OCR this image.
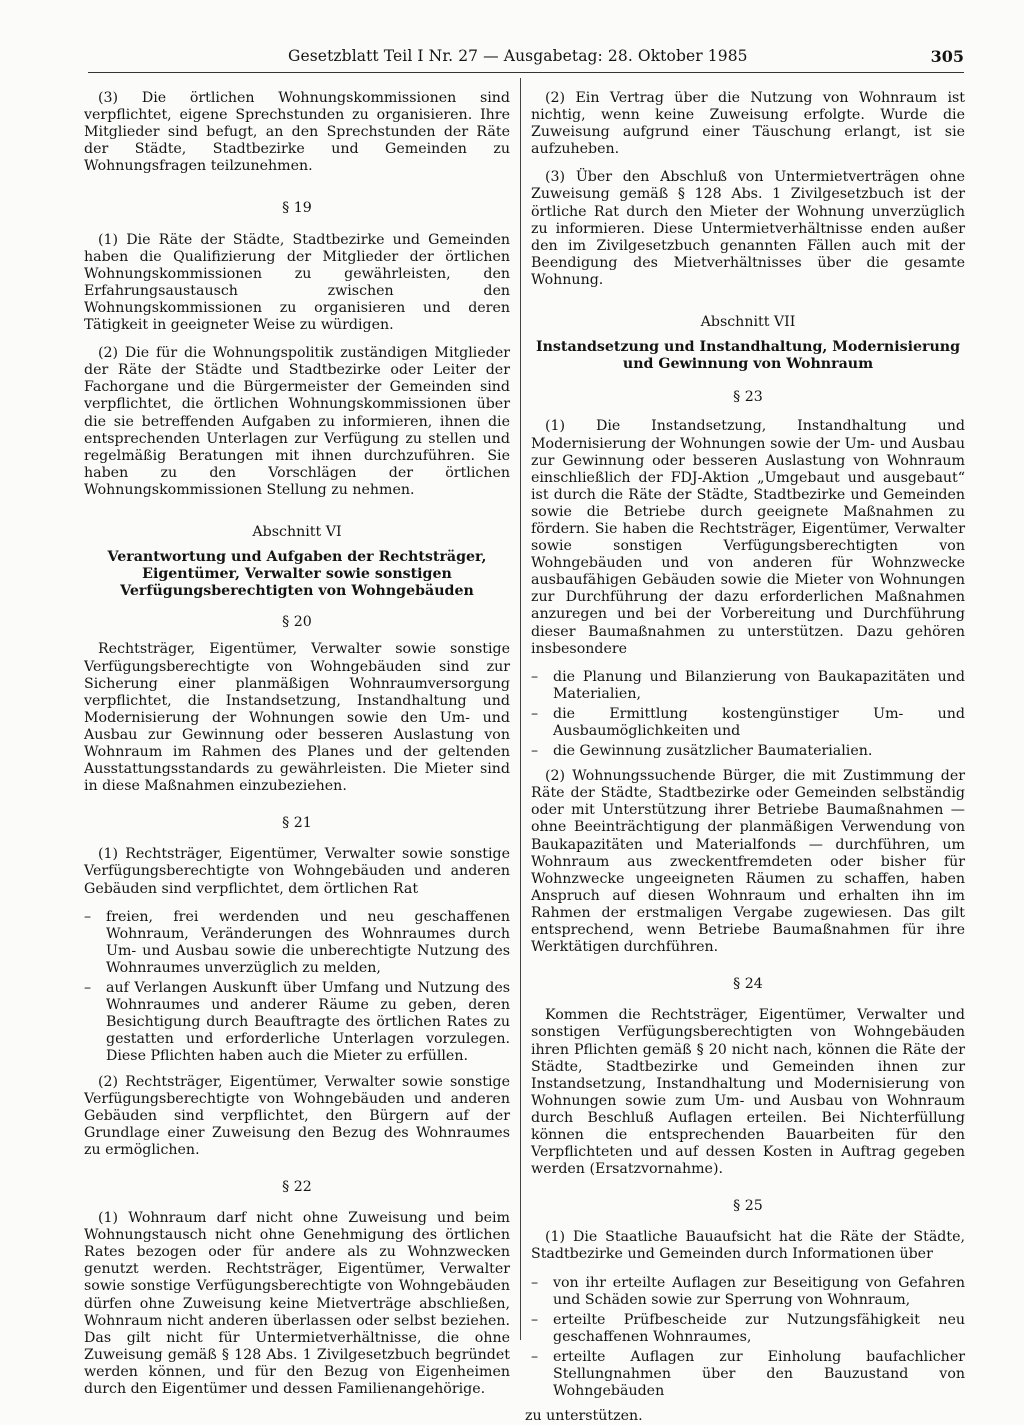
Gesetzblatt Teil I Nr. 27 — Ausgabetag: 28. Oktober 1985	305

(3) Die örtlichen Wohnungskommissionen sind verpflichtet, eigene Sprechstunden zu organisieren. Ihre Mitglieder sind befugt, an den Sprechstunden der Räte der Städte, Stadtbezirke und Gemeinden zu Wohnungsfragen teilzunehmen.

§ 19

(1) Die Räte der Städte, Stadtbezirke und Gemeinden haben die Qualifizierung der Mitglieder der örtlichen Wohnungskommissionen zu gewährleisten, den Erfahrungsaustausch zwischen den Wohnungskommissionen zu organisieren und deren Tätigkeit in geeigneter Weise zu würdigen.

(2) Die für die Wohnungspolitik zuständigen Mitglieder der Räte der Städte und Stadtbezirke oder Leiter der Fachorgane und die Bürgermeister der Gemeinden sind verpflichtet, die örtlichen Wohnungskommissionen über die sie betreffenden Aufgaben zu informieren, ihnen die entsprechenden Unterlagen zur Verfügung zu stellen und regelmäßig Beratungen mit ihnen durchzuführen. Sie haben zu den Vorschlägen der örtlichen Wohnungskommissionen Stellung zu nehmen.

Abschnitt VI

Verantwortung und Aufgaben der Rechtsträger, Eigentümer, Verwalter sowie sonstigen Verfügungsberechtigten von Wohngebäuden

§ 20

Rechtsträger, Eigentümer, Verwalter sowie sonstige Verfügungsberechtigte von Wohngebäuden sind zur Sicherung einer planmäßigen Wohnraumversorgung verpflichtet, die Instandsetzung, Instandhaltung und Modernisierung der Wohnungen sowie den Um- und Ausbau zur Gewinnung oder besseren Auslastung von Wohnraum im Rahmen des Planes und der geltenden Ausstattungsstandards zu gewährleisten. Die Mieter sind in diese Maßnahmen einzubeziehen.

§ 21

(1) Rechtsträger, Eigentümer, Verwalter sowie sonstige Verfügungsberechtigte von Wohngebäuden und anderen Gebäuden sind verpflichtet, dem örtlichen Rat

– freien, frei werdenden und neu geschaffenen Wohnraum, Veränderungen des Wohnraumes durch Um- und Ausbau sowie die unberechtigte Nutzung des Wohnraumes unverzüglich zu melden,
– auf Verlangen Auskunft über Umfang und Nutzung des Wohnraumes und anderer Räume zu geben, deren Besichtigung durch Beauftragte des örtlichen Rates zu gestatten und erforderliche Unterlagen vorzulegen. Diese Pflichten haben auch die Mieter zu erfüllen.

(2) Rechtsträger, Eigentümer, Verwalter sowie sonstige Verfügungsberechtigte von Wohngebäuden und anderen Gebäuden sind verpflichtet, den Bürgern auf der Grundlage einer Zuweisung den Bezug des Wohnraumes zu ermöglichen.

§ 22

(1) Wohnraum darf nicht ohne Zuweisung und beim Wohnungstausch nicht ohne Genehmigung des örtlichen Rates bezogen oder für andere als zu Wohnzwecken genutzt werden. Rechtsträger, Eigentümer, Verwalter sowie sonstige Verfügungsberechtigte von Wohngebäuden dürfen ohne Zuweisung keine Mietverträge abschließen, Wohnraum nicht anderen überlassen oder selbst beziehen. Das gilt nicht für Untermietverhältnisse, die ohne Zuweisung gemäß § 128 Abs. 1 Zivilgesetzbuch begründet werden können, und für den Bezug von Eigenheimen durch den Eigentümer und dessen Familienangehörige.

(2) Ein Vertrag über die Nutzung von Wohnraum ist nichtig, wenn keine Zuweisung erfolgte. Wurde die Zuweisung aufgrund einer Täuschung erlangt, ist sie aufzuheben.

(3) Über den Abschluß von Untermietverträgen ohne Zuweisung gemäß § 128 Abs. 1 Zivilgesetzbuch ist der örtliche Rat durch den Mieter der Wohnung unverzüglich zu informieren. Diese Untermietverhältnisse enden außer den im Zivilgesetzbuch genannten Fällen auch mit der Beendigung des Mietverhältnisses über die gesamte Wohnung.

Abschnitt VII

Instandsetzung und Instandhaltung, Modernisierung und Gewinnung von Wohnraum

§ 23

(1) Die Instandsetzung, Instandhaltung und Modernisierung der Wohnungen sowie der Um- und Ausbau zur Gewinnung oder besseren Auslastung von Wohnraum einschließlich der FDJ-Aktion „Umgebaut und ausgebaut“ ist durch die Räte der Städte, Stadtbezirke und Gemeinden sowie die Betriebe durch geeignete Maßnahmen zu fördern. Sie haben die Rechtsträger, Eigentümer, Verwalter sowie sonstigen Verfügungsberechtigten von Wohngebäuden und von anderen für Wohnzwecke ausbaufähigen Gebäuden sowie die Mieter von Wohnungen zur Durchführung der dazu erforderlichen Maßnahmen anzuregen und bei der Vorbereitung und Durchführung dieser Baumaßnahmen zu unterstützen. Dazu gehören insbesondere

– die Planung und Bilanzierung von Baukapazitäten und Materialien,
– die Ermittlung kostengünstiger Um- und Ausbaumöglichkeiten und
– die Gewinnung zusätzlicher Baumaterialien.

(2) Wohnungssuchende Bürger, die mit Zustimmung der Räte der Städte, Stadtbezirke oder Gemeinden selbständig oder mit Unterstützung ihrer Betriebe Baumaßnahmen — ohne Beeinträchtigung der planmäßigen Verwendung von Baukapazitäten und Materialfonds — durchführen, um Wohnraum aus zweckentfremdeten oder bisher für Wohnzwecke ungeeigneten Räumen zu schaffen, haben Anspruch auf diesen Wohnraum und erhalten ihn im Rahmen der erstmaligen Vergabe zugewiesen. Das gilt entsprechend, wenn Betriebe Baumaßnahmen für ihre Werktätigen durchführen.

§ 24

Kommen die Rechtsträger, Eigentümer, Verwalter und sonstigen Verfügungsberechtigten von Wohngebäuden ihren Pflichten gemäß § 20 nicht nach, können die Räte der Städte, Stadtbezirke und Gemeinden ihnen zur Instandsetzung, Instandhaltung und Modernisierung von Wohnungen sowie zum Um- und Ausbau von Wohnraum durch Beschluß Auflagen erteilen. Bei Nichterfüllung können die entsprechenden Bauarbeiten für den Verpflichteten und auf dessen Kosten in Auftrag gegeben werden (Ersatzvornahme).

§ 25

(1) Die Staatliche Bauaufsicht hat die Räte der Städte, Stadtbezirke und Gemeinden durch Informationen über

– von ihr erteilte Auflagen zur Beseitigung von Gefahren und Schäden sowie zur Sperrung von Wohnraum,
– erteilte Prüfbescheide zur Nutzungsfähigkeit neu geschaffenen Wohnraumes,
– erteilte Auflagen zur Einholung baufachlicher Stellungnahmen über den Bauzustand von Wohngebäuden

zu unterstützen.
